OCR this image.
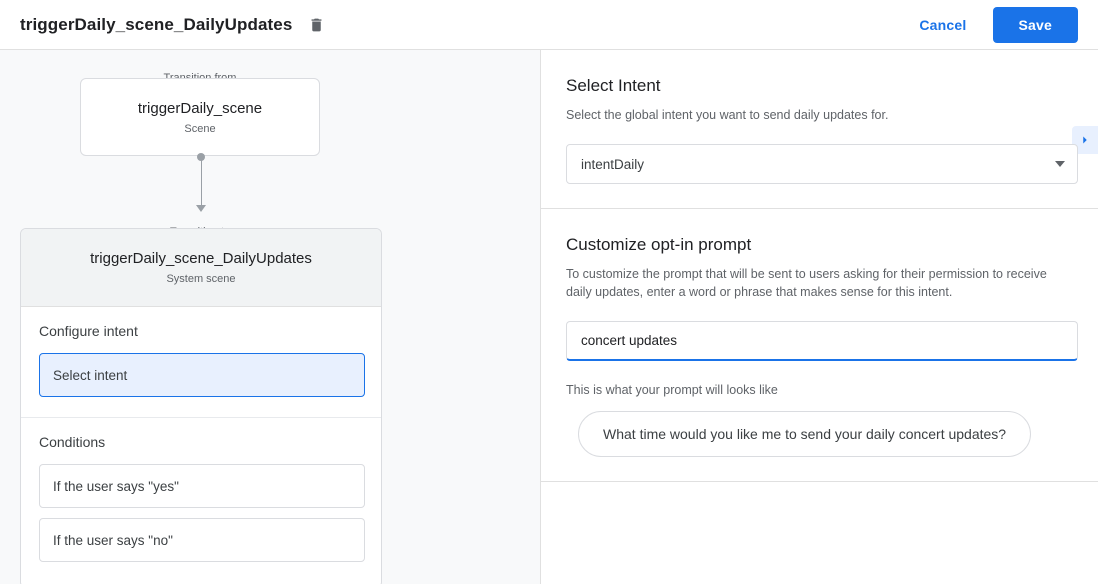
triggerDaily_scene_DailyUpdates	Cancel	Save
triggerDaily_scene
Scene
triggerDaily_scene_DailyUpdates
System scene
Configure intent
Select intent
Conditions
If the user says "yes"
If the user says "no"
Select Intent

Select the global intent you want to send daily updates for.

intentDaily
Customize opt-in prompt

To customize the prompt that will be sent to users asking for their permission to receive daily updates, enter a word or phrase that makes sense for this intent.

concert updates
This is what your prompt will looks like
What time would you like me to send your daily concert updates?
